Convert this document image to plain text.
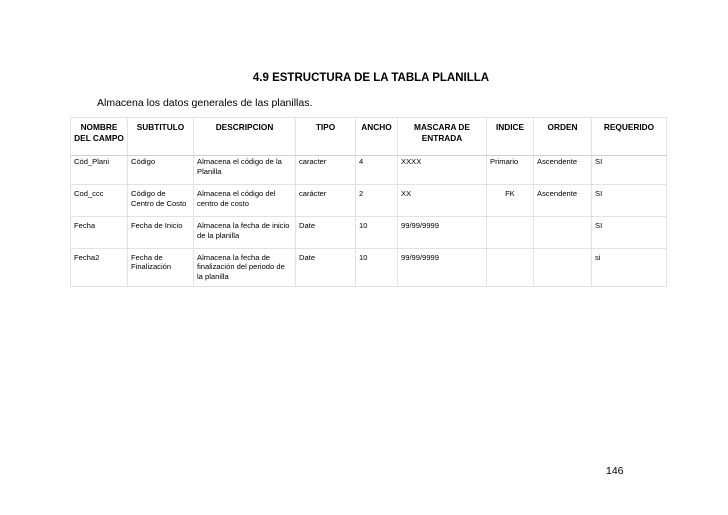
4.9 ESTRUCTURA DE LA TABLA PLANILLA
Almacena los datos generales de las planillas.
NOMBRE DEL CAMPO	SUBTITULO	DESCRIPCION	TIPO	ANCHO	MASCARA DE ENTRADA	INDICE	ORDEN	REQUERIDO
Cód_Plani	Código	Almacena el código de la Planilla	caracter	4	XXXX	Primario	Ascendente	SI
Cod_ccc	Código de Centro de Costo	Almacena el código del centro de costo	carácter	2	XX	FK	Ascendente	SI
Fecha	Fecha de Inicio	Almacena la fecha de inicio de la planilla	Date	10	99/99/9999			SI
Fecha2	Fecha de Finalización	Almacena la fecha de finalización del periodo de la planilla	Date	10	99/99/9999			si
146
